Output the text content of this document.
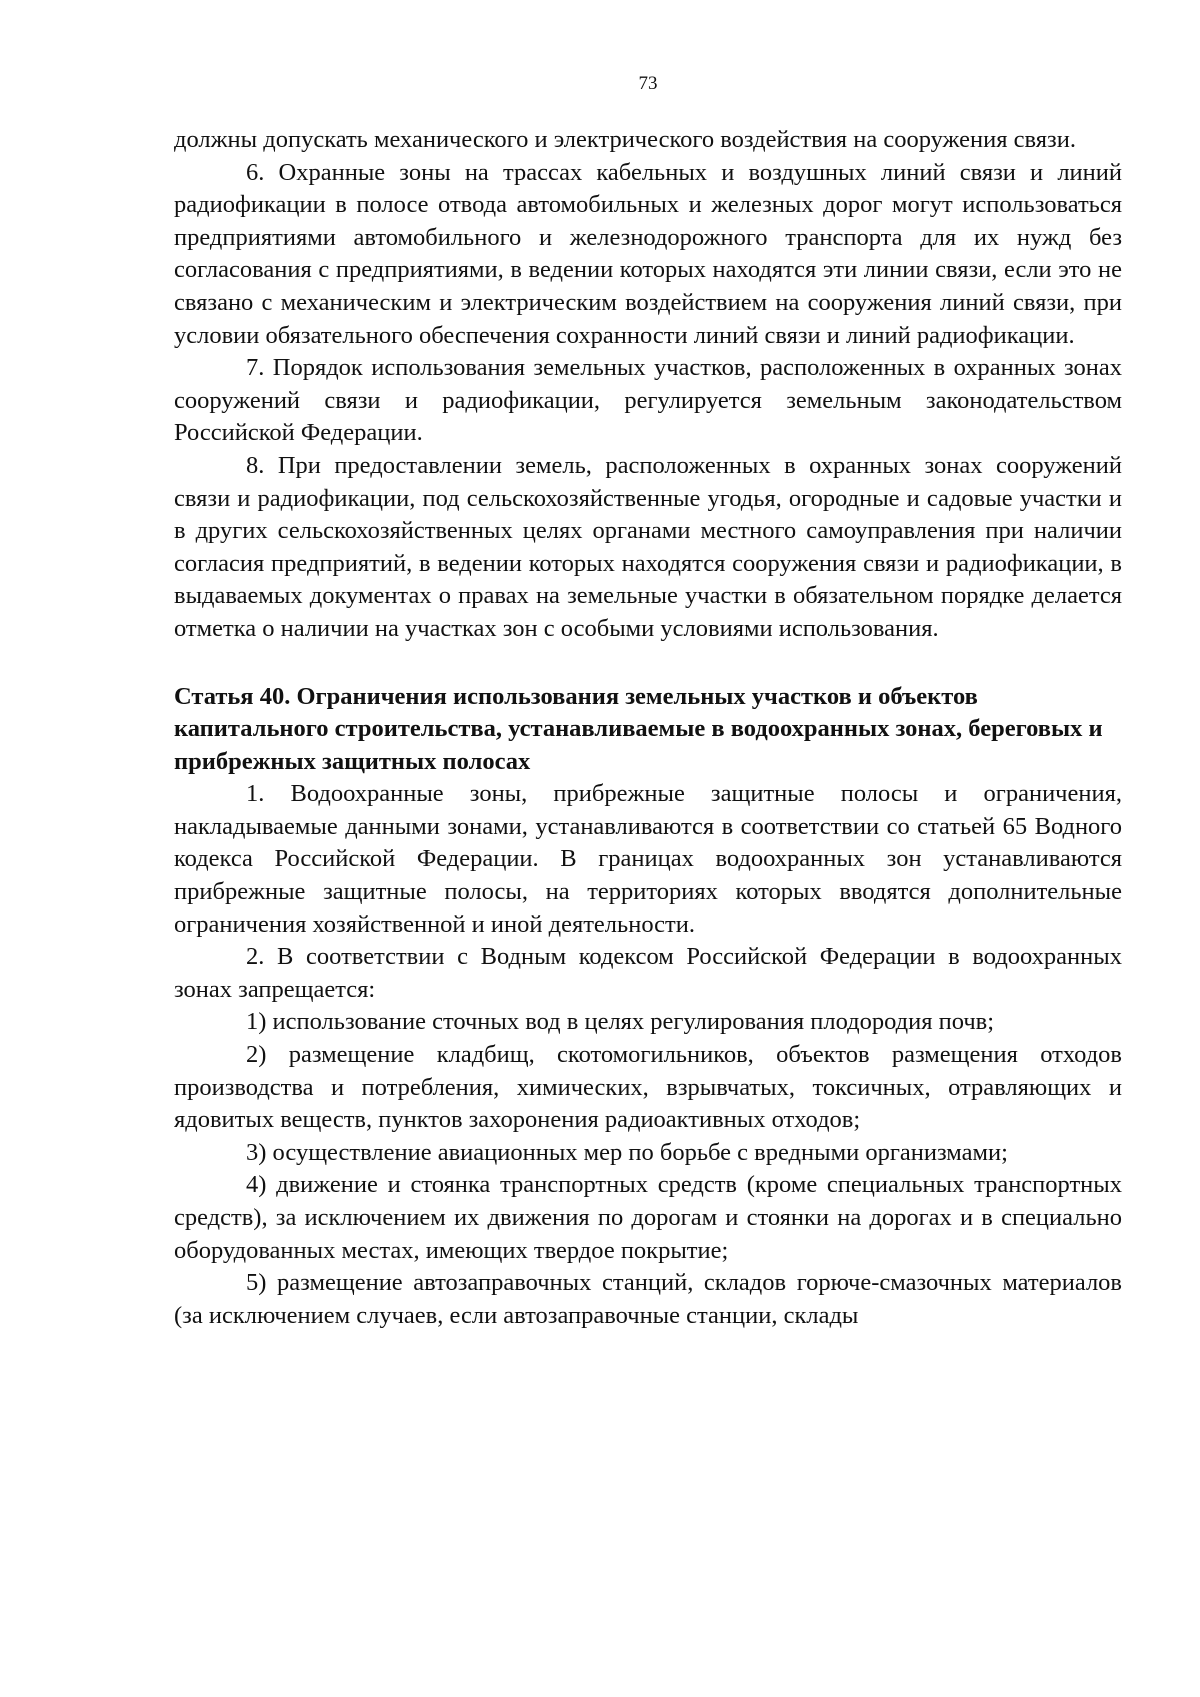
73

должны допускать механического и электрического воздействия на сооружения связи.

6. Охранные зоны на трассах кабельных и воздушных линий связи и линий радиофикации в полосе отвода автомобильных и железных дорог могут использоваться предприятиями автомобильного и железнодорожного транспорта для их нужд без согласования с предприятиями, в ведении которых находятся эти линии связи, если это не связано с механическим и электрическим воздействием на сооружения линий связи, при условии обязательного обеспечения сохранности линий связи и линий радиофикации.

7. Порядок использования земельных участков, расположенных в охранных зонах сооружений связи и радиофикации, регулируется земельным законодательством Российской Федерации.

8. При предоставлении земель, расположенных в охранных зонах сооружений связи и радиофикации, под сельскохозяйственные угодья, огородные и садовые участки и в других сельскохозяйственных целях органами местного самоуправления при наличии согласия предприятий, в ведении которых находятся сооружения связи и радиофикации, в выдаваемых документах о правах на земельные участки в обязательном порядке делается отметка о наличии на участках зон с особыми условиями использования.

Статья 40. Ограничения использования земельных участков и объектов капитального строительства, устанавливаемые в водоохранных зонах, береговых и прибрежных защитных полосах

1. Водоохранные зоны, прибрежные защитные полосы и ограничения, накладываемые данными зонами, устанавливаются в соответствии со статьей 65 Водного кодекса Российской Федерации. В границах водоохранных зон устанавливаются прибрежные защитные полосы, на территориях которых вводятся дополнительные ограничения хозяйственной и иной деятельности.

2. В соответствии с Водным кодексом Российской Федерации в водоохранных зонах запрещается:

1) использование сточных вод в целях регулирования плодородия почв;

2) размещение кладбищ, скотомогильников, объектов размещения отходов производства и потребления, химических, взрывчатых, токсичных, отравляющих и ядовитых веществ, пунктов захоронения радиоактивных отходов;

3) осуществление авиационных мер по борьбе с вредными организмами;

4) движение и стоянка транспортных средств (кроме специальных транспортных средств), за исключением их движения по дорогам и стоянки на дорогах и в специально оборудованных местах, имеющих твердое покрытие;

5) размещение автозаправочных станций, складов горюче-смазочных материалов (за исключением случаев, если автозаправочные станции, склады
